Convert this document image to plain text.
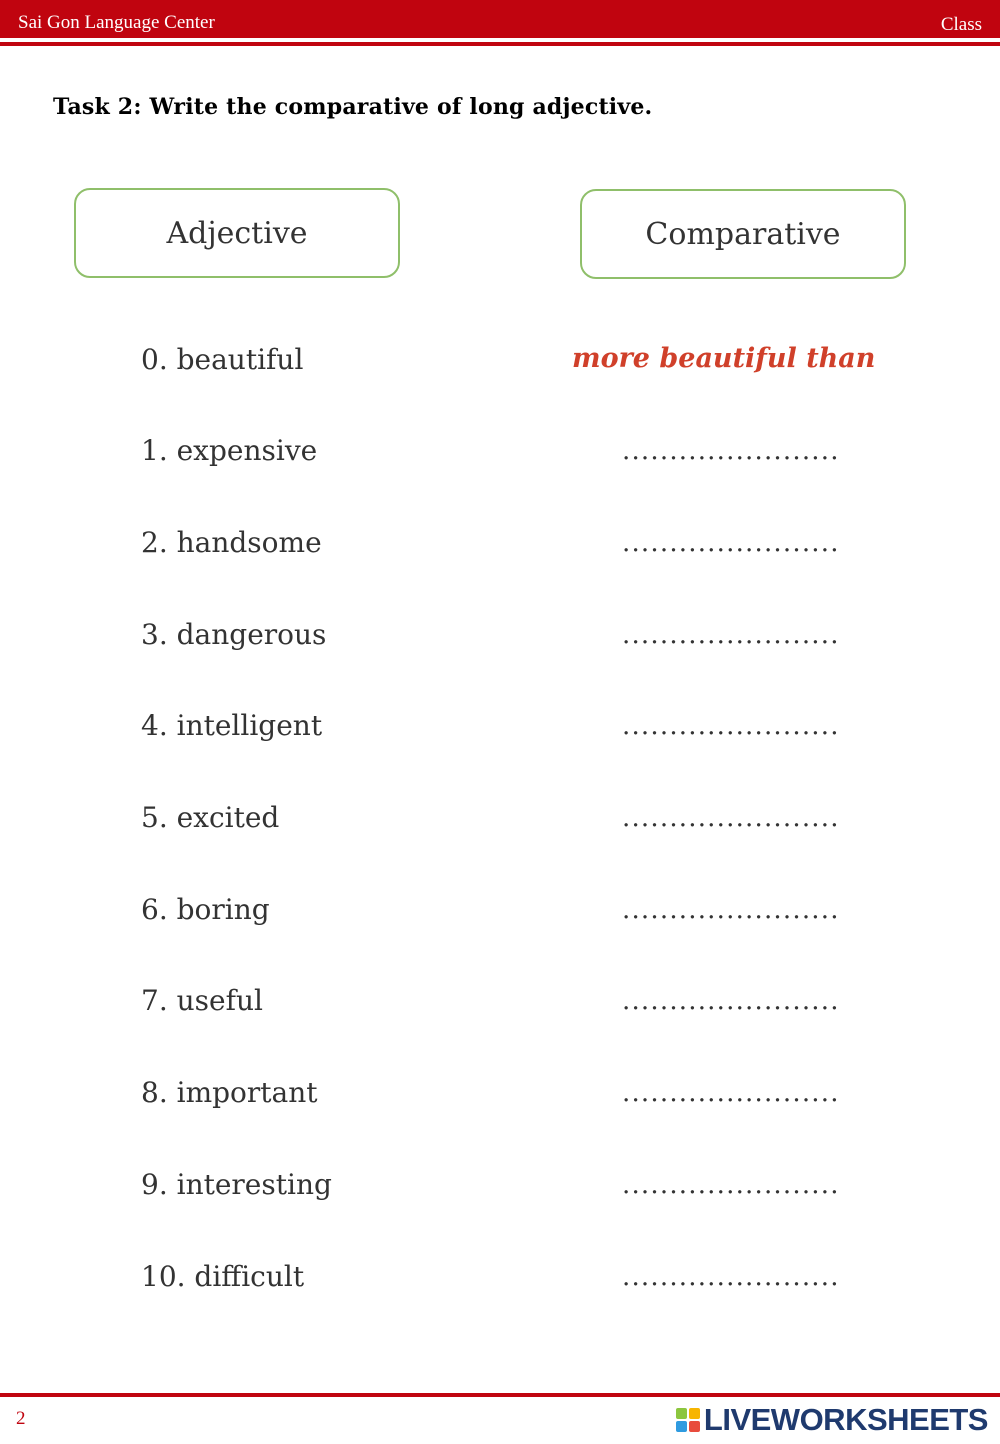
Sai Gon Language Center	Class
Task 2: Write the comparative of long adjective.
Adjective	Comparative
0. beautiful	more beautiful than
1. expensive	.......................
2. handsome	.......................
3. dangerous	.......................
4. intelligent	.......................
5. excited	.......................
6. boring	.......................
7. useful	.......................
8. important	.......................
9. interesting	.......................
10. difficult	.......................
2	LIVEWORKSHEETS
